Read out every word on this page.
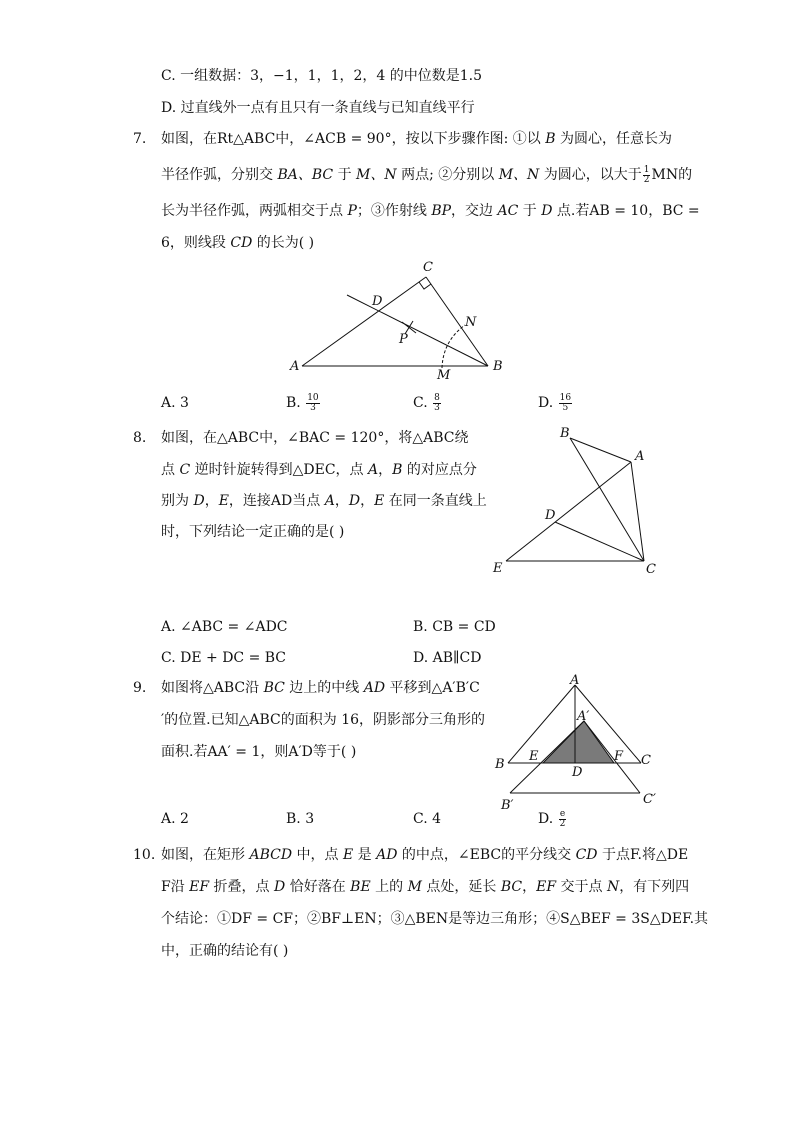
C. 一组数据：3，−1，1，1，2，4 的中位数是1.5
D. 过直线外一点有且只有一条直线与已知直线平行
7. 如图，在Rt△ABC中，∠ACB = 90°，按以下步骤作图: ①以 B 为圆心，任意长为
半径作弧，分别交 BA、BC 于 M、N 两点; ②分别以 M、N 为圆心，以大于 $\frac{1}{2}$ MN的
长为半径作弧，两弧相交于点 P；③作射线 BP，交边 AC 于 D 点.若AB = 10，BC =
6，则线段 CD 的长为( )
A	B
C
D
M
N
P
A. 3	B. $\frac{10}{3}$	C. $\frac{8}{3}$	D. $\frac{16}{5}$
8. 如图，在△ABC中，∠BAC = 120°，将△ABC绕
点 C 逆时针旋转得到△DEC，点 A，B 的对应点分
别为 D，E，连接AD当点 A，D，E 在同一条直线上
时，下列结论一定正确的是( )
B
A
D
E	C
A. ∠ABC = ∠ADC	B. CB = CD
C. DE + DC = BC	D. AB∥CD
9. 如图将△ABC沿 BC 边上的中线 AD 平移到△A′B′C
′的位置.已知△ABC的面积为 16，阴影部分三角形的
面积.若AA′ = 1，则A′D等于( )
A
A′
B	C
D
E	F
B′	C′
A. 2	B. 3	C. 4	D. $\frac{e}{2}$
10. 如图，在矩形 ABCD 中，点 E 是 AD 的中点，∠EBC的平分线交 CD 于点F.将△DE
F沿 EF 折叠，点 D 恰好落在 BE 上的 M 点处，延长 BC，EF 交于点 N，有下列四
个结论：①DF = CF；②BF⊥EN；③△BEN是等边三角形；④S△BEF = 3S△DEF.其
中，正确的结论有( )
